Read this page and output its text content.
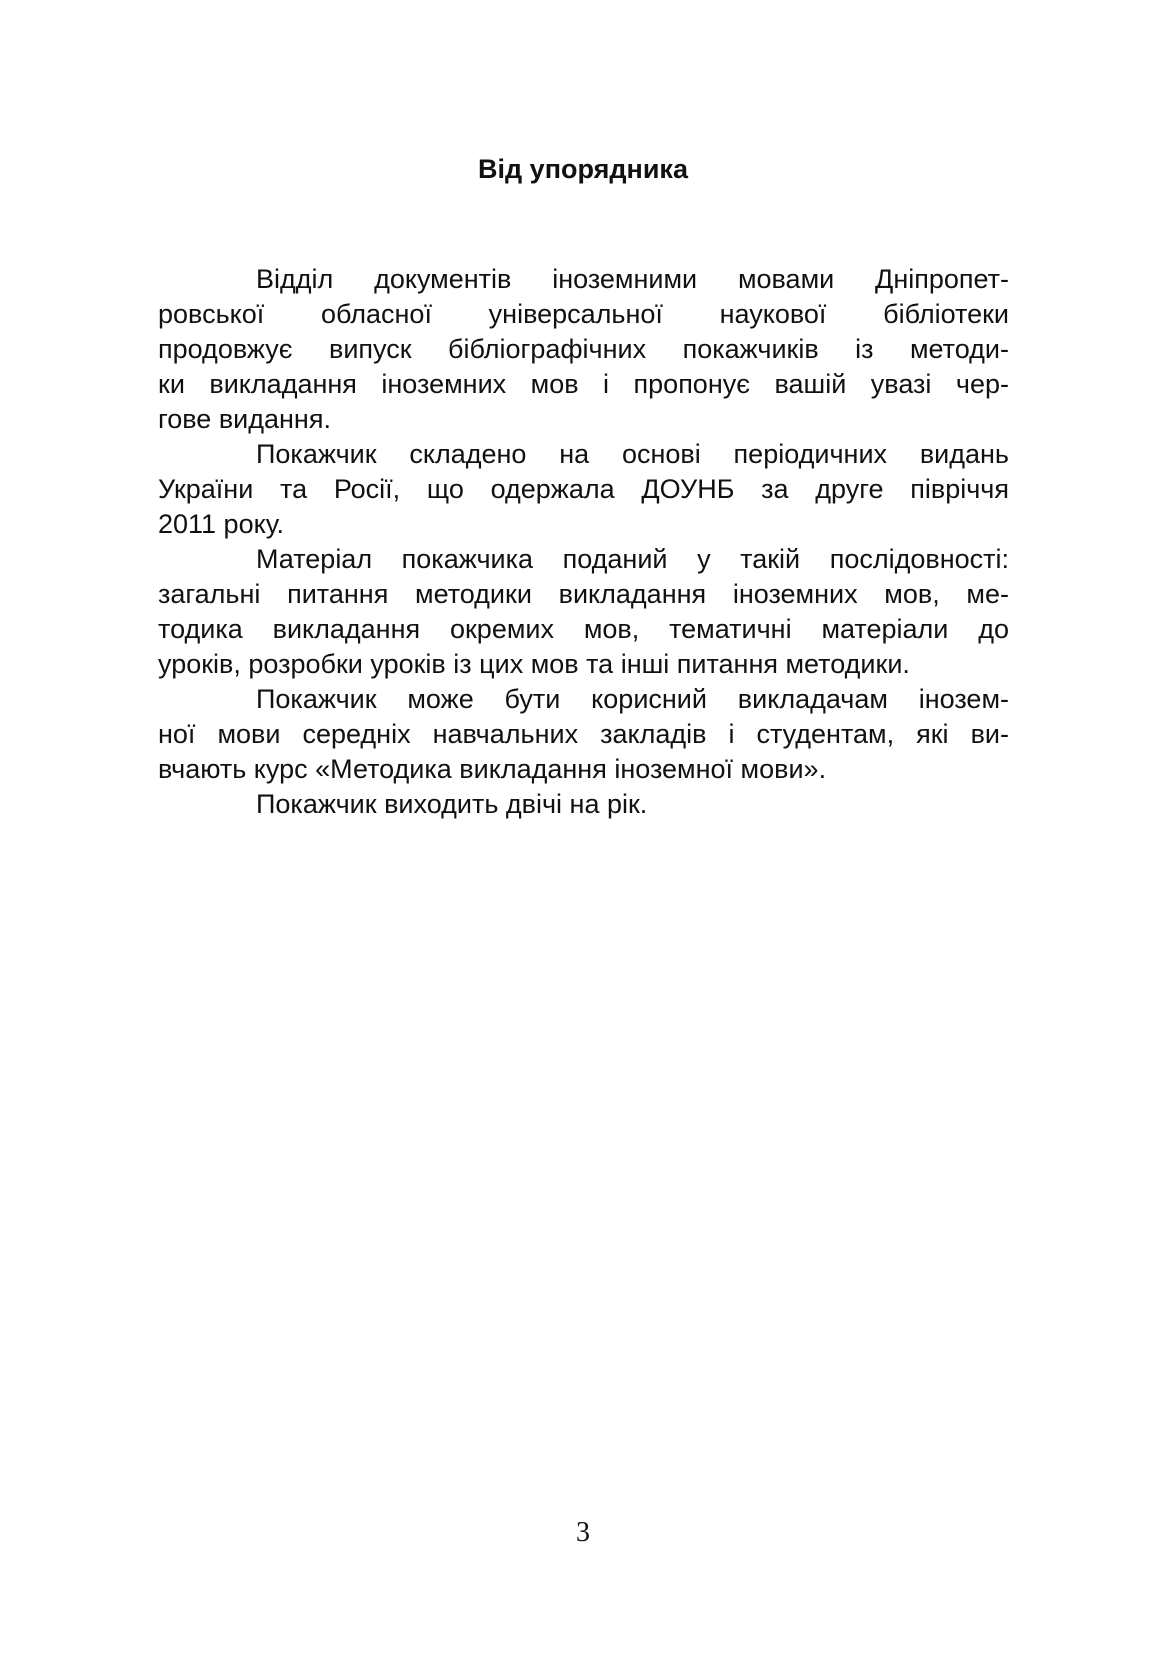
Від упорядника

Відділ документів іноземними мовами Дніпропет-
ровської обласної універсальної наукової бібліотеки
продовжує випуск бібліографічних покажчиків із методи-
ки викладання іноземних мов і пропонує вашій увазі чер-
гове видання.

Покажчик складено на основі періодичних видань
України та Росії, що одержала ДОУНБ за друге півріччя
2011 року.

Матеріал покажчика поданий у такій послідовності:
загальні питання методики викладання іноземних мов, ме-
тодика викладання окремих мов, тематичні матеріали до
уроків, розробки уроків із цих мов та інші питання методики.

Покажчик може бути корисний викладачам інозем-
ної мови середніх навчальних закладів і студентам, які ви-
вчають курс «Методика викладання іноземної мови».

Покажчик виходить двічі на рік.

3
